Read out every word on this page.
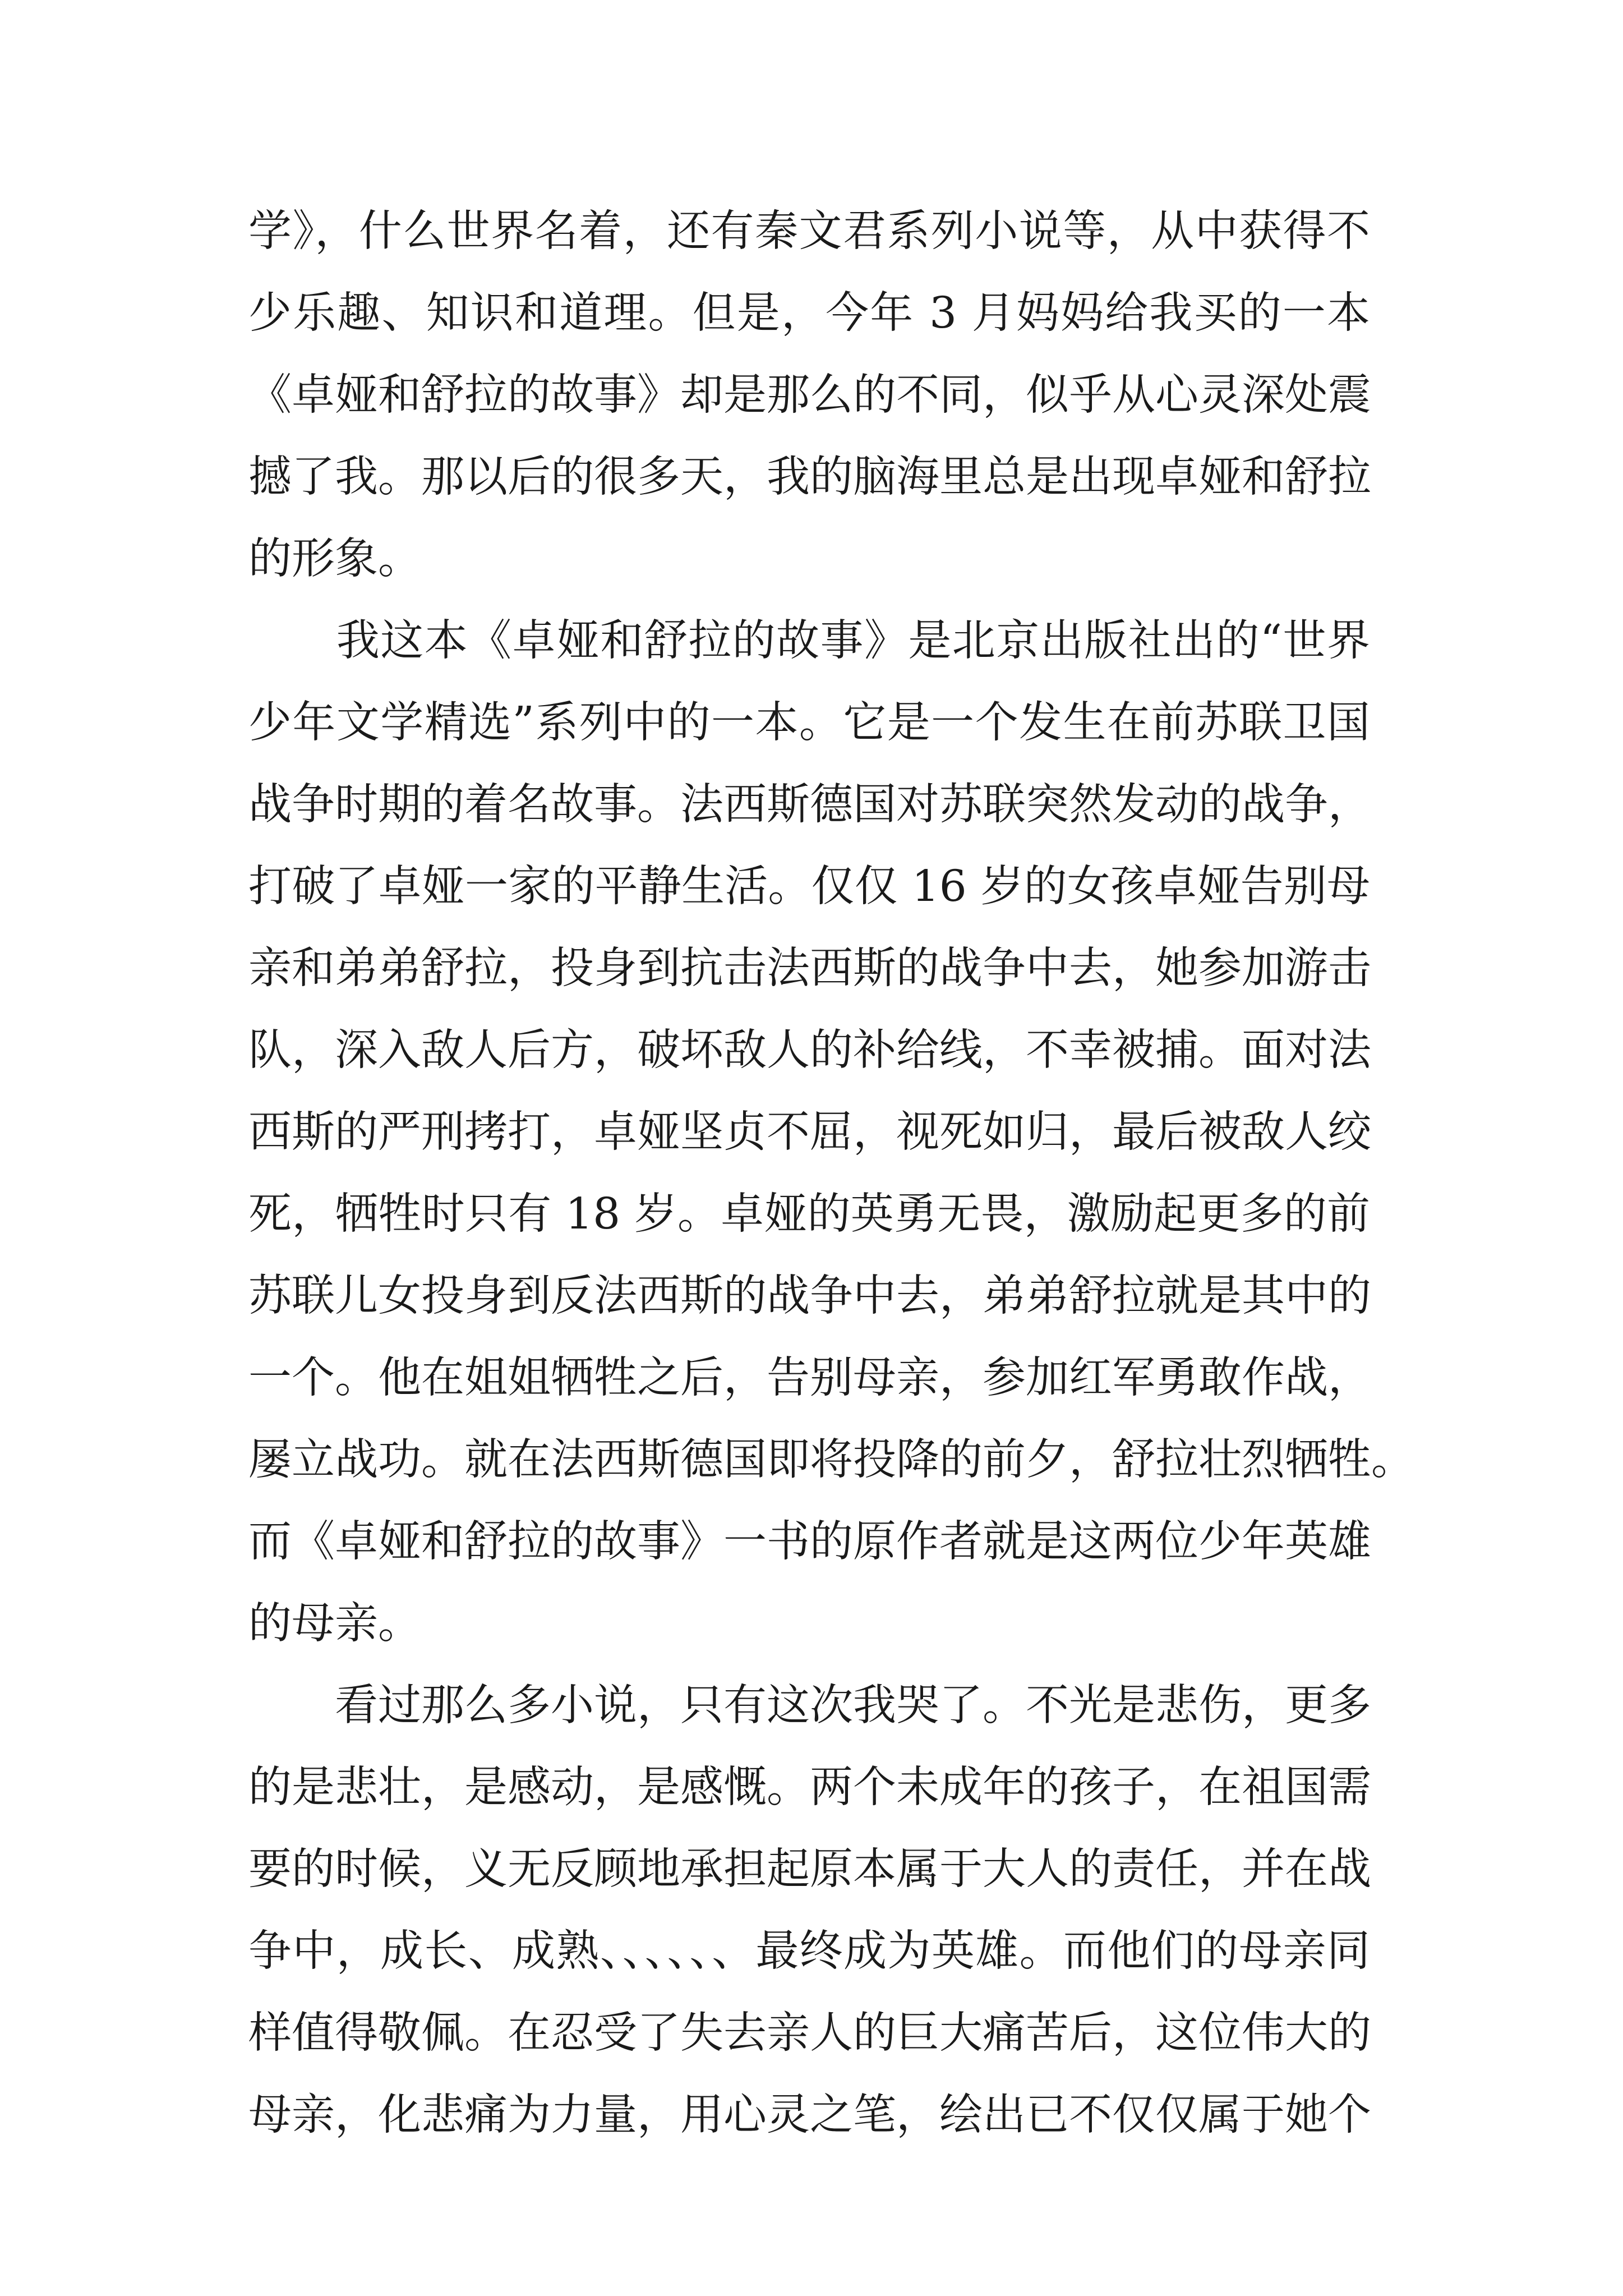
学》，什么世界名着，还有秦文君系列小说等，从中获得不
少乐趣、知识和道理。但是，今年 3 月妈妈给我买的一本
《卓娅和舒拉的故事》却是那么的不同，似乎从心灵深处震
撼了我。那以后的很多天，我的脑海里总是出现卓娅和舒拉
的形象。
　　我这本《卓娅和舒拉的故事》是北京出版社出的“世界
少年文学精选”系列中的一本。它是一个发生在前苏联卫国
战争时期的着名故事。法西斯德国对苏联突然发动的战争，
打破了卓娅一家的平静生活。仅仅 16 岁的女孩卓娅告别母
亲和弟弟舒拉，投身到抗击法西斯的战争中去，她参加游击
队，深入敌人后方，破坏敌人的补给线，不幸被捕。面对法
西斯的严刑拷打，卓娅坚贞不屈，视死如归，最后被敌人绞
死，牺牲时只有 18 岁。卓娅的英勇无畏，激励起更多的前
苏联儿女投身到反法西斯的战争中去，弟弟舒拉就是其中的
一个。他在姐姐牺牲之后，告别母亲，参加红军勇敢作战，
屡立战功。就在法西斯德国即将投降的前夕，舒拉壮烈牺牲。
而《卓娅和舒拉的故事》一书的原作者就是这两位少年英雄
的母亲。
　　看过那么多小说，只有这次我哭了。不光是悲伤，更多
的是悲壮，是感动，是感慨。两个未成年的孩子，在祖国需
要的时候，义无反顾地承担起原本属于大人的责任，并在战
争中，成长、成熟、、、、、、最终成为英雄。而他们的母亲同
样值得敬佩。在忍受了失去亲人的巨大痛苦后，这位伟大的
母亲，化悲痛为力量，用心灵之笔，绘出已不仅仅属于她个
